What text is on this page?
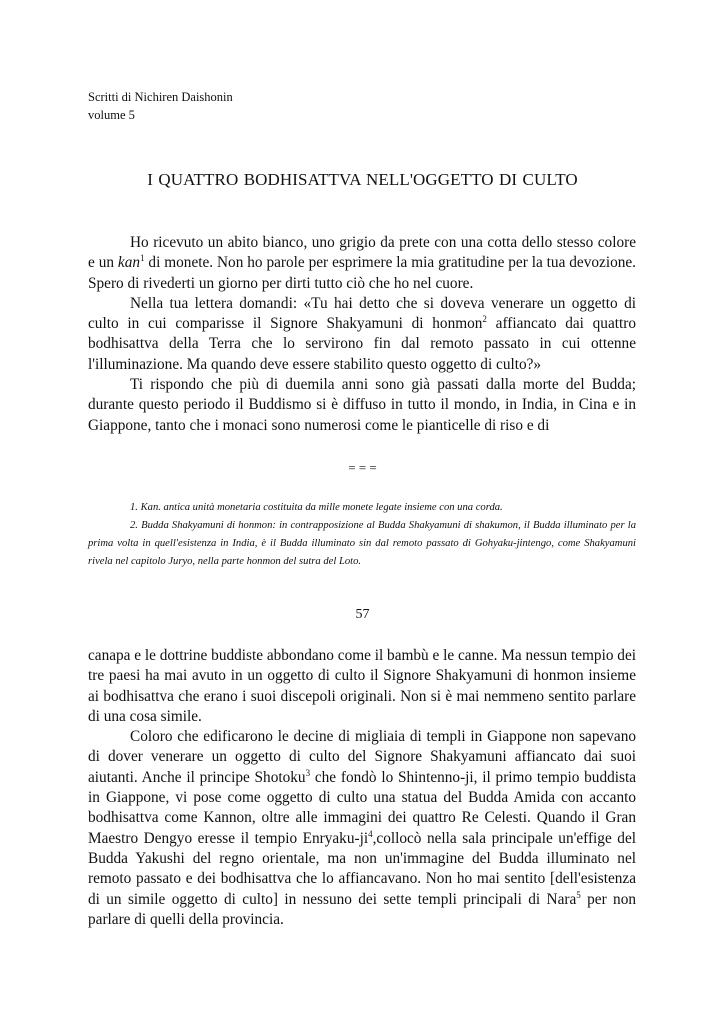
Scritti di Nichiren Daishonin
volume 5
I QUATTRO BODHISATTVA NELL'OGGETTO DI CULTO

Ho ricevuto un abito bianco, uno grigio da prete con una cotta dello stesso colore e un kan$^1$ di monete. Non ho parole per esprimere la mia gratitudine per la tua devozione. Spero di rivederti un giorno per dirti tutto ciò che ho nel cuore.

Nella tua lettera domandi: «Tu hai detto che si doveva venerare un oggetto di culto in cui comparisse il Signore Shakyamuni di honmon$^2$ affiancato dai quattro bodhisattva della Terra che lo servirono fin dal remoto passato in cui ottenne l'illuminazione. Ma quando deve essere stabilito questo oggetto di culto?»

Ti rispondo che più di duemila anni sono già passati dalla morte del Budda; durante questo periodo il Buddismo si è diffuso in tutto il mondo, in India, in Cina e in Giappone, tanto che i monaci sono numerosi come le pianticelle di riso e di

= = =

1. Kan. antica unità monetaria costituita da mille monete legate insieme con una corda.

2. Budda Shakyamuni di honmon: in contrapposizione al Budda Shakyamuni di shakumon, il Budda illuminato per la prima volta in quell'esistenza in India, è il Budda illuminato sin dal remoto passato di Gohyaku-jintengo, come Shakyamuni rivela nel capitolo Juryo, nella parte honmon del sutra del Loto.

57

canapa e le dottrine buddiste abbondano come il bambù e le canne. Ma nessun tempio dei tre paesi ha mai avuto in un oggetto di culto il Signore Shakyamuni di honmon insieme ai bodhisattva che erano i suoi discepoli originali. Non si è mai nemmeno sentito parlare di una cosa simile.

Coloro che edificarono le decine di migliaia di templi in Giappone non sapevano di dover venerare un oggetto di culto del Signore Shakyamuni affiancato dai suoi aiutanti. Anche il principe Shotoku$^3$ che fondò lo Shintenno-ji, il primo tempio buddista in Giappone, vi pose come oggetto di culto una statua del Budda Amida con accanto bodhisattva come Kannon, oltre alle immagini dei quattro Re Celesti. Quando il Gran Maestro Dengyo eresse il tempio Enryaku-$ji^4,collocò$ nella sala principale un'effige del Budda Yakushi del regno orientale, ma non un'immagine del Budda illuminato nel remoto passato e dei bodhisattva che lo affiancavano. Non ho mai sentito [dell'esistenza di un simile oggetto di culto] in nessuno dei sette templi principali di Nara$^5$ per non parlare di quelli della provincia.
